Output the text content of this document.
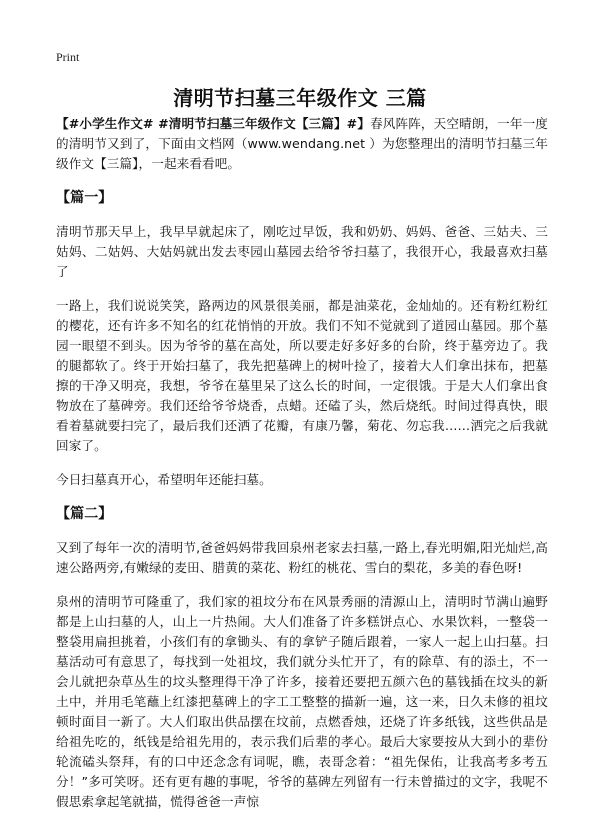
Print
清明节扫墓三年级作文 三篇

【#小学生作文# #清明节扫墓三年级作文【三篇】#】春风阵阵，天空晴朗，一年一度的清明节又到了，下面由文档网（www.wendang.net ）为您整理出的清明节扫墓三年级作文【三篇】，一起来看看吧。

【篇一】

清明节那天早上，我早早就起床了，刚吃过早饭，我和奶奶、妈妈、爸爸、三姑夫、三姑妈、二姑妈、大姑妈就出发去枣园山墓园去给爷爷扫墓了，我很开心，我最喜欢扫墓了

一路上，我们说说笑笑，路两边的风景很美丽，都是油菜花，金灿灿的。还有粉红粉红的樱花，还有许多不知名的红花悄悄的开放。我们不知不觉就到了道园山墓园。那个墓园一眼望不到头。因为爷爷的墓在高处，所以要走好多好多的台阶，终于墓旁边了。我的腿都软了。终于开始扫墓了，我先把墓碑上的树叶捡了，接着大人们拿出抹布，把墓擦的干净又明亮，我想，爷爷在墓里呆了这么长的时间，一定很饿。于是大人们拿出食物放在了墓碑旁。我们还给爷爷烧香，点蜡。还磕了头，然后烧纸。时间过得真快，眼看着墓就要扫完了，最后我们还洒了花瓣，有康乃馨，菊花、勿忘我……洒完之后我就回家了。

今日扫墓真开心，希望明年还能扫墓。

【篇二】

又到了每年一次的清明节,爸爸妈妈带我回泉州老家去扫墓,一路上,春光明媚,阳光灿烂,高速公路两旁,有嫩绿的麦田、腊黄的菜花、粉红的桃花、雪白的梨花，多美的春色呀!

泉州的清明节可隆重了，我们家的祖坟分布在风景秀丽的清源山上，清明时节满山遍野都是上山扫墓的人，山上一片热闹。大人们准备了许多糕饼点心、水果饮料，一整袋一整袋用扁担挑着，小孩们有的拿锄头、有的拿铲子随后跟着，一家人一起上山扫墓。扫墓活动可有意思了，每找到一处祖坟，我们就分头忙开了，有的除草、有的添土，不一会儿就把杂草丛生的坟头整理得干净了许多，接着还要把五颜六色的墓钱插在坟头的新土中，并用毛笔蘸上红漆把墓碑上的字工工整整的描新一遍，这一来，日久未修的祖坟顿时面目一新了。大人们取出供品摆在坟前，点燃香烛，还烧了许多纸钱，这些供品是给祖先吃的，纸钱是给祖先用的，表示我们后辈的孝心。最后大家要按从大到小的辈份轮流磕头祭拜，有的口中还念念有词呢，瞧，表哥念着：“祖先保佑，让我高考多考五分！”多可笑呀。还有更有趣的事呢，爷爷的墓碑左列留有一行未曾描过的文字，我呢不假思索拿起笔就描，慌得爸爸一声惊
